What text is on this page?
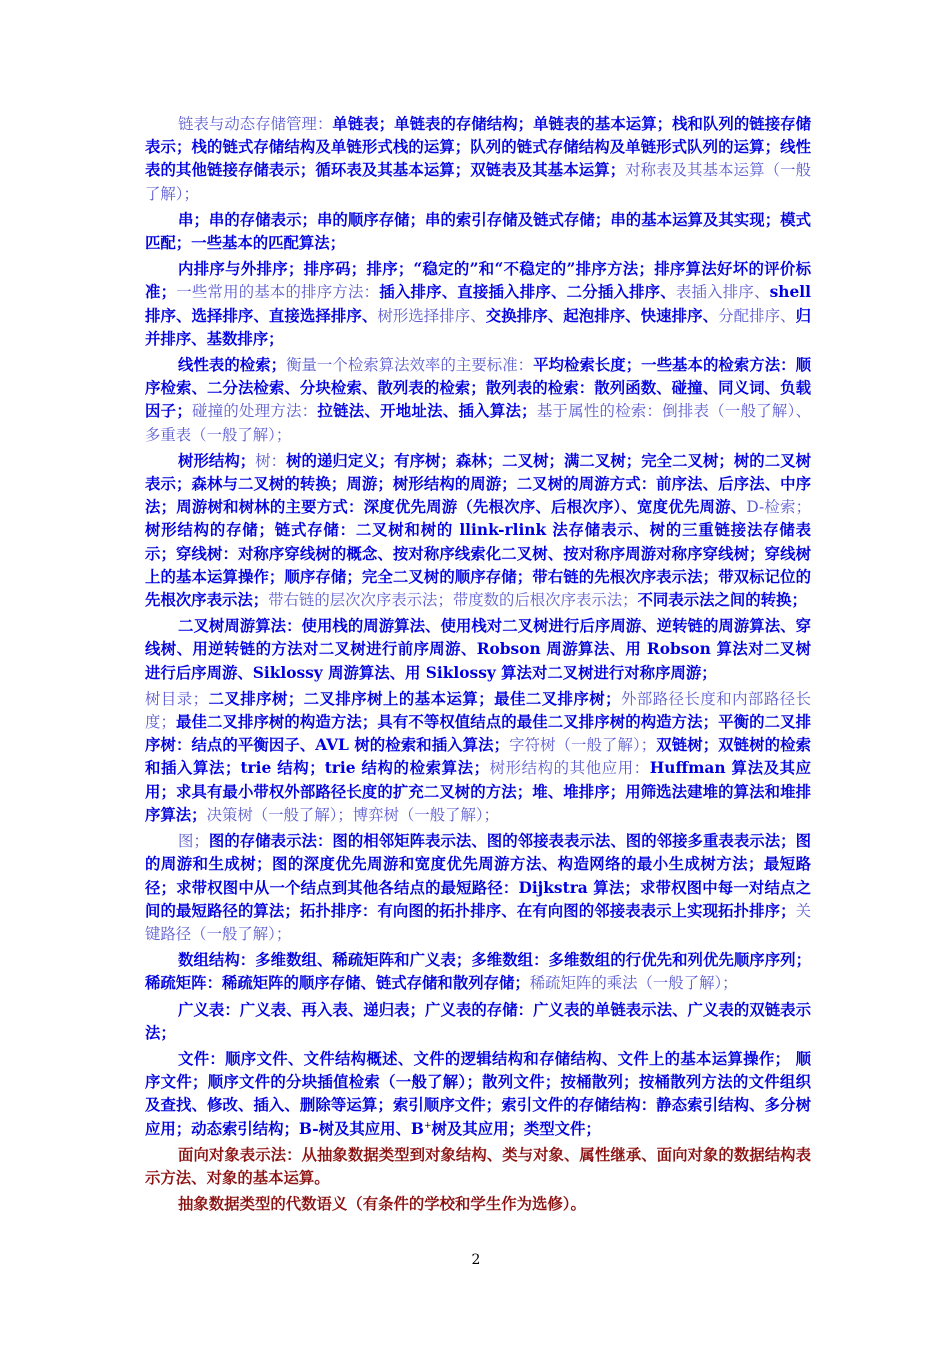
链表与动态存储管理：单链表；单链表的存储结构；单链表的基本运算；栈和队列的链接存储表示；栈的链式存储结构及单链形式栈的运算；队列的链式存储结构及单链形式队列的运算；线性表的其他链接存储表示；循环表及其基本运算；双链表及其基本运算；对称表及其基本运算（一般了解）；

串；串的存储表示；串的顺序存储；串的索引存储及链式存储；串的基本运算及其实现；模式匹配；一些基本的匹配算法；

内排序与外排序；排序码；排序；“稳定的”和“不稳定的”排序方法；排序算法好坏的评价标准；一些常用的基本的排序方法：插入排序、直接插入排序、二分插入排序、表插入排序、shell 排序、选择排序、直接选择排序、树形选择排序、交换排序、起泡排序、快速排序、分配排序、归并排序、基数排序；

线性表的检索；衡量一个检索算法效率的主要标准：平均检索长度；一些基本的检索方法：顺序检索、二分法检索、分块检索、散列表的检索；散列表的检索：散列函数、碰撞、同义词、负载因子；碰撞的处理方法：拉链法、开地址法、插入算法；基于属性的检索：倒排表（一般了解）、多重表（一般了解）；

树形结构；树：树的递归定义；有序树；森林；二叉树；满二叉树；完全二叉树；树的二叉树表示；森林与二叉树的转换；周游；树形结构的周游；二叉树的周游方式：前序法、后序法、中序法；周游树和树林的主要方式：深度优先周游（先根次序、后根次序）、宽度优先周游、D-检索；树形结构的存储；链式存储：二叉树和树的 llink-rlink 法存储表示、树的三重链接法存储表示；穿线树：对称序穿线树的概念、按对称序线索化二叉树、按对称序周游对称序穿线树；穿线树上的基本运算操作；顺序存储；完全二叉树的顺序存储；带右链的先根次序表示法；带双标记位的先根次序表示法；带右链的层次次序表示法；带度数的后根次序表示法；不同表示法之间的转换；

二叉树周游算法：使用栈的周游算法、使用栈对二叉树进行后序周游、逆转链的周游算法、穿线树、用逆转链的方法对二叉树进行前序周游、Robson 周游算法、用 Robson 算法对二叉树进行后序周游、Siklossy 周游算法、用 Siklossy 算法对二叉树进行对称序周游；

树目录；二叉排序树；二叉排序树上的基本运算；最佳二叉排序树；外部路径长度和内部路径长度；最佳二叉排序树的构造方法；具有不等权值结点的最佳二叉排序树的构造方法；平衡的二叉排序树：结点的平衡因子、AVL 树的检索和插入算法；字符树（一般了解）；双链树；双链树的检索和插入算法；trie 结构；trie 结构的检索算法；树形结构的其他应用：Huffman 算法及其应用；求具有最小带权外部路径长度的扩充二叉树的方法；堆、堆排序；用筛选法建堆的算法和堆排序算法；决策树（一般了解）；博弈树（一般了解）；

图；图的存储表示法：图的相邻矩阵表示法、图的邻接表表示法、图的邻接多重表表示法；图的周游和生成树；图的深度优先周游和宽度优先周游方法、构造网络的最小生成树方法；最短路径；求带权图中从一个结点到其他各结点的最短路径：Dijkstra 算法；求带权图中每一对结点之间的最短路径的算法；拓扑排序：有向图的拓扑排序、在有向图的邻接表表示上实现拓扑排序；关键路径（一般了解）；

数组结构：多维数组、稀疏矩阵和广义表；多维数组：多维数组的行优先和列优先顺序序列；稀疏矩阵：稀疏矩阵的顺序存储、链式存储和散列存储；稀疏矩阵的乘法（一般了解）；

广义表：广义表、再入表、递归表；广义表的存储：广义表的单链表示法、广义表的双链表示法；

文件：顺序文件、文件结构概述、文件的逻辑结构和存储结构、文件上的基本运算操作； 顺序文件；顺序文件的分块插值检索（一般了解）；散列文件；按桶散列；按桶散列方法的文件组织及查找、修改、插入、删除等运算；索引顺序文件；索引文件的存储结构：静态索引结构、多分树应用；动态索引结构；B-树及其应用、B+树及其应用；类型文件；

面向对象表示法：从抽象数据类型到对象结构、类与对象、属性继承、面向对象的数据结构表示方法、对象的基本运算。

抽象数据类型的代数语义（有条件的学校和学生作为选修）。

2
